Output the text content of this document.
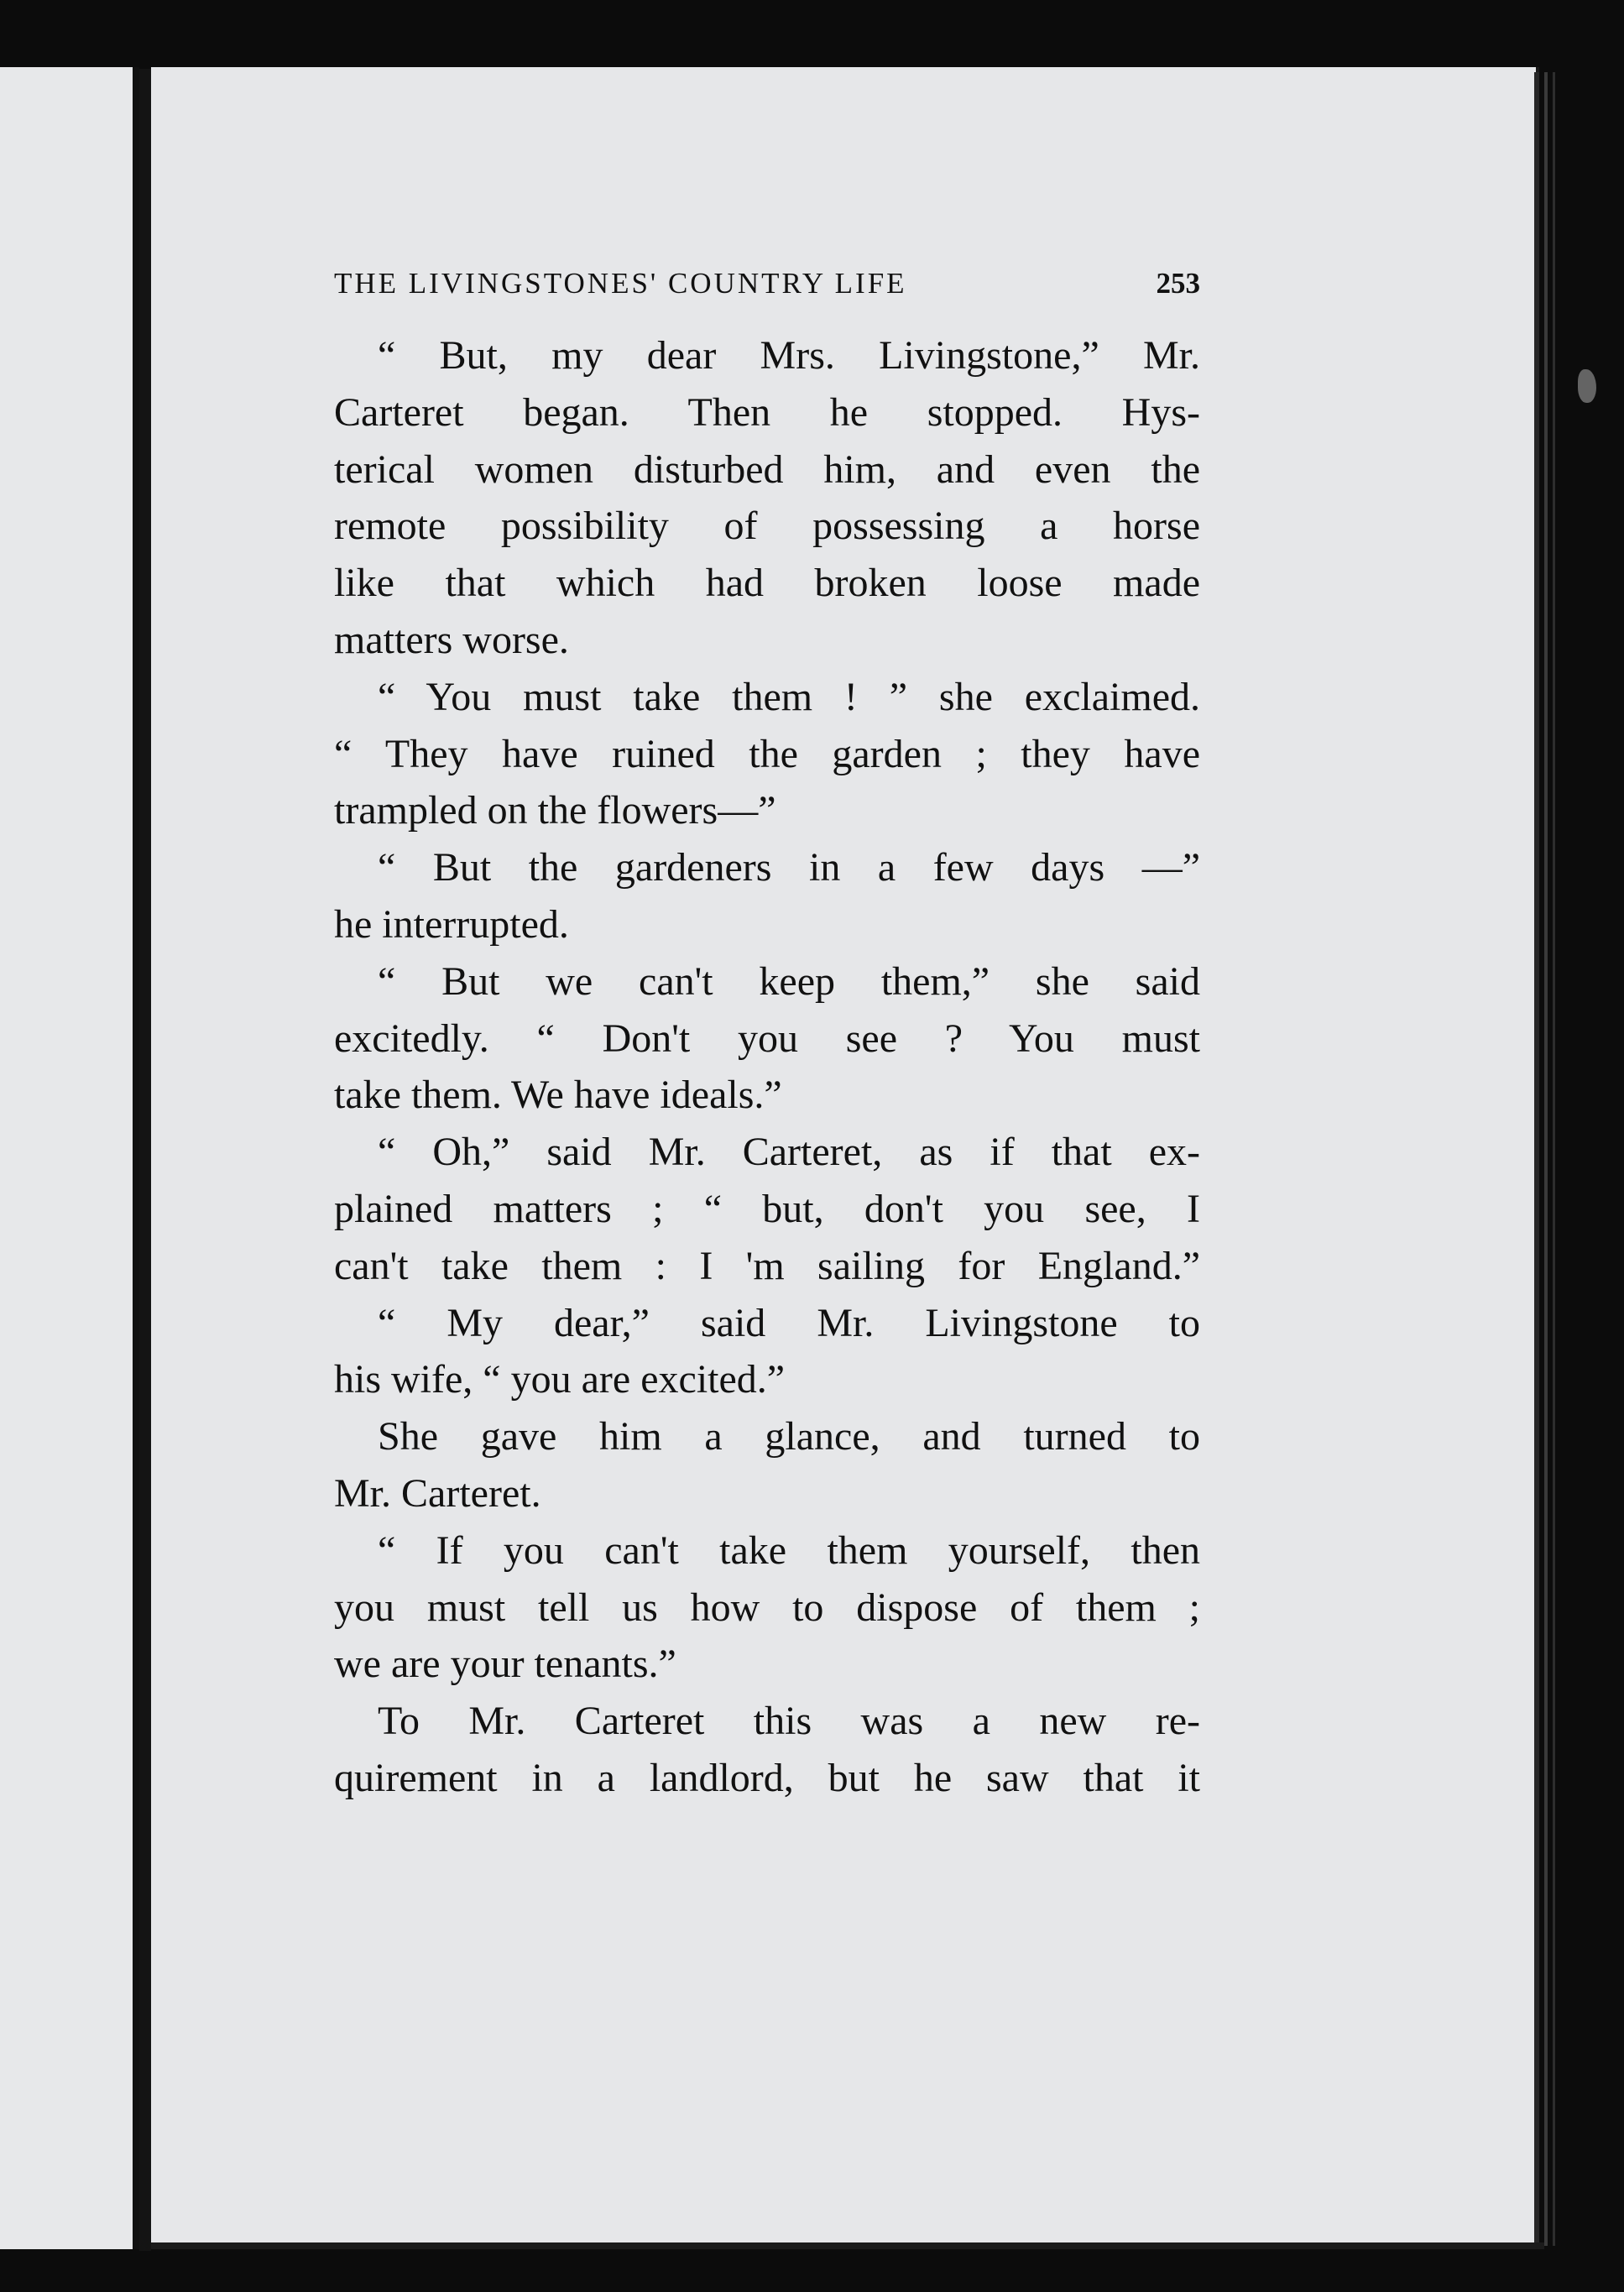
THE LIVINGSTONES' COUNTRY LIFE	253
“ But, my dear Mrs. Livingstone,” Mr.
Carteret began. Then he stopped. Hys-
terical women disturbed him, and even the
remote possibility of possessing a horse
like that which had broken loose made
matters worse.
“ You must take them ! ” she exclaimed.
“ They have ruined the garden ; they have
trampled on the flowers—”
“ But the gardeners in a few days —”
he interrupted.
“ But we can't keep them,” she said
excitedly. “ Don't you see ? You must
take them. We have ideals.”
“ Oh,” said Mr. Carteret, as if that ex-
plained matters ; “ but, don't you see, I
can't take them : I 'm sailing for England.”
“ My dear,” said Mr. Livingstone to
his wife, “ you are excited.”
She gave him a glance, and turned to
Mr. Carteret.
“ If you can't take them yourself, then
you must tell us how to dispose of them ;
we are your tenants.”
To Mr. Carteret this was a new re-
quirement in a landlord, but he saw that it
